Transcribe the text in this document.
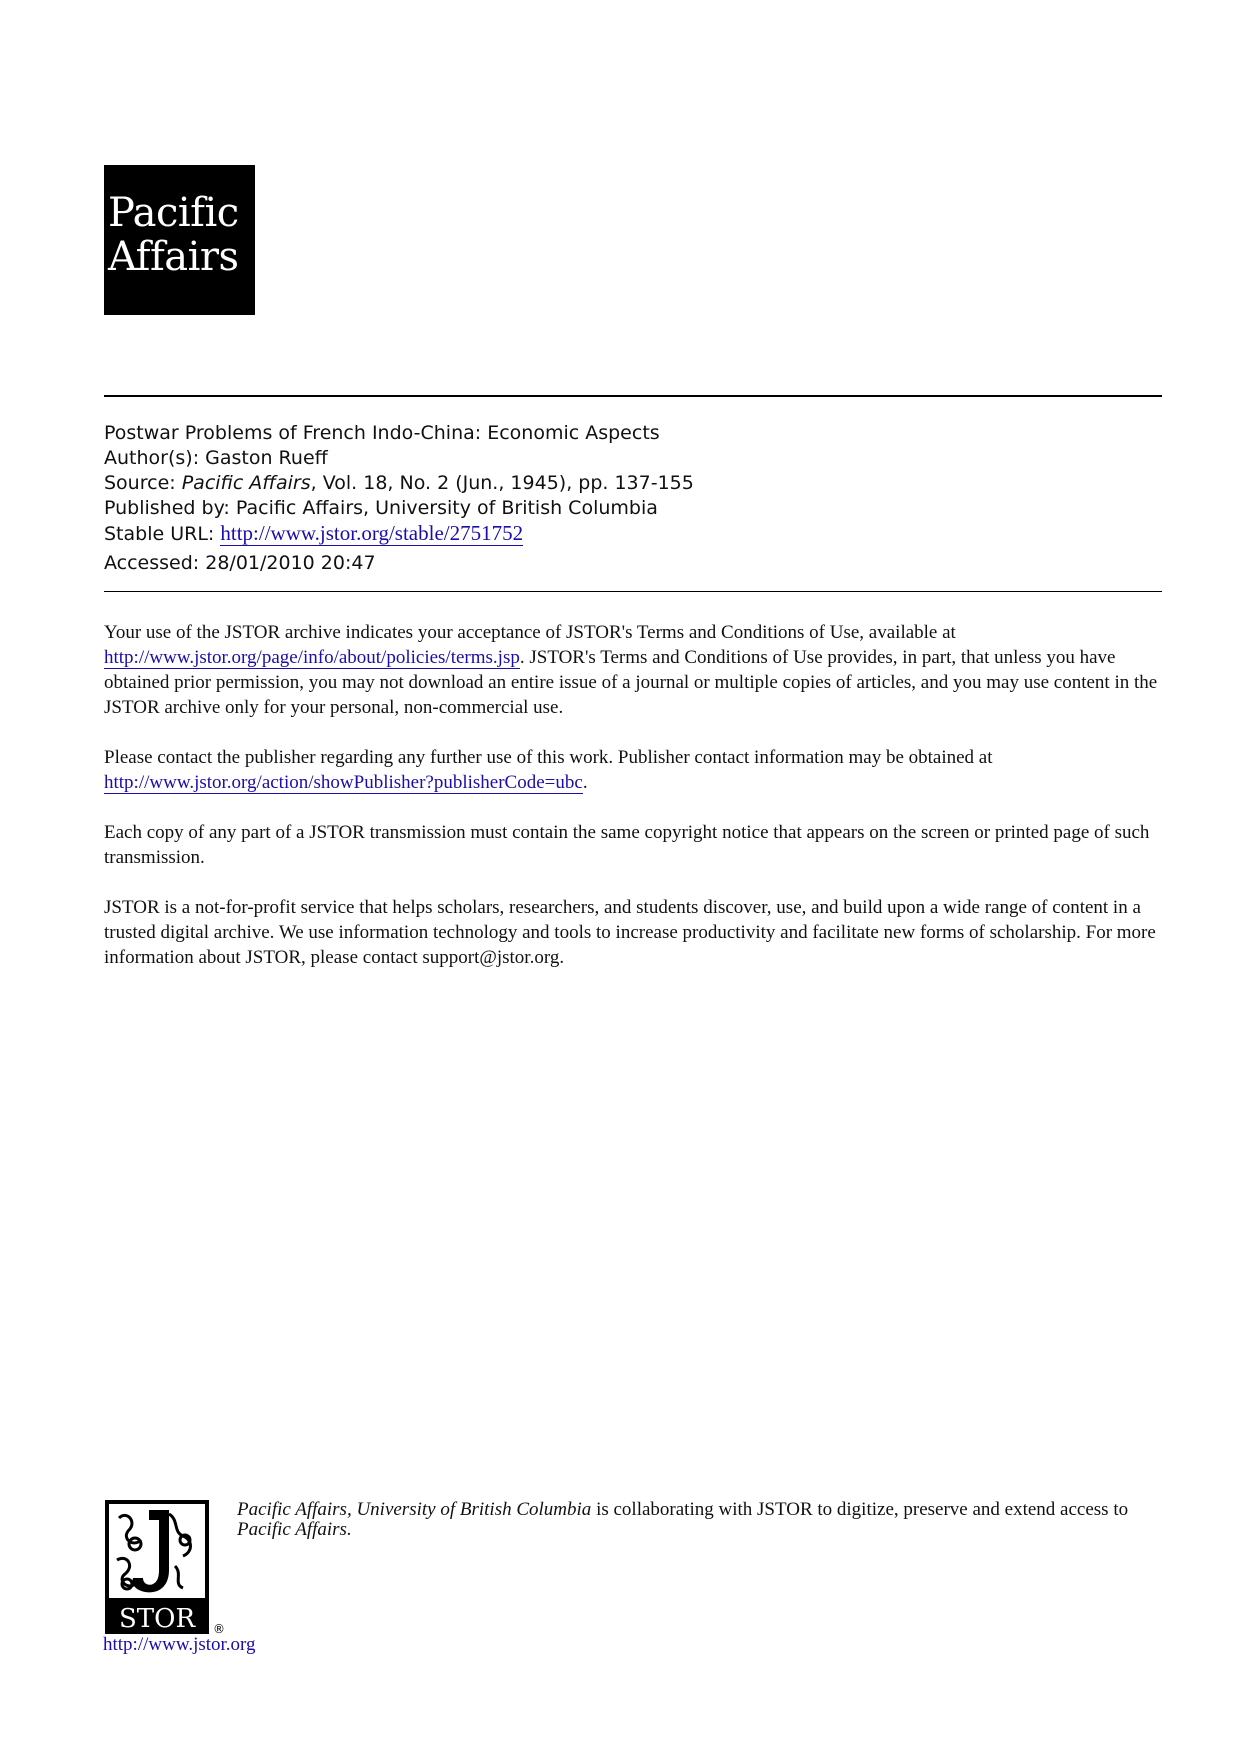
Pacific
Affairs
Postwar Problems of French Indo-China: Economic Aspects
Author(s): Gaston Rueff
Source: Pacific Affairs, Vol. 18, No. 2 (Jun., 1945), pp. 137-155
Published by: Pacific Affairs, University of British Columbia
Stable URL: http://www.jstor.org/stable/2751752
Accessed: 28/01/2010 20:47

Your use of the JSTOR archive indicates your acceptance of JSTOR's Terms and Conditions of Use, available at http://www.jstor.org/page/info/about/policies/terms.jsp. JSTOR's Terms and Conditions of Use provides, in part, that unless you have obtained prior permission, you may not download an entire issue of a journal or multiple copies of articles, and you may use content in the JSTOR archive only for your personal, non-commercial use.

Please contact the publisher regarding any further use of this work. Publisher contact information may be obtained at http://www.jstor.org/action/showPublisher?publisherCode=ubc.

Each copy of any part of a JSTOR transmission must contain the same copyright notice that appears on the screen or printed page of such transmission.

JSTOR is a not-for-profit service that helps scholars, researchers, and students discover, use, and build upon a wide range of content in a trusted digital archive. We use information technology and tools to increase productivity and facilitate new forms of scholarship. For more information about JSTOR, please contact support@jstor.org.

STOR ®
Pacific Affairs, University of British Columbia is collaborating with JSTOR to digitize, preserve and extend access to Pacific Affairs.
http://www.jstor.org
